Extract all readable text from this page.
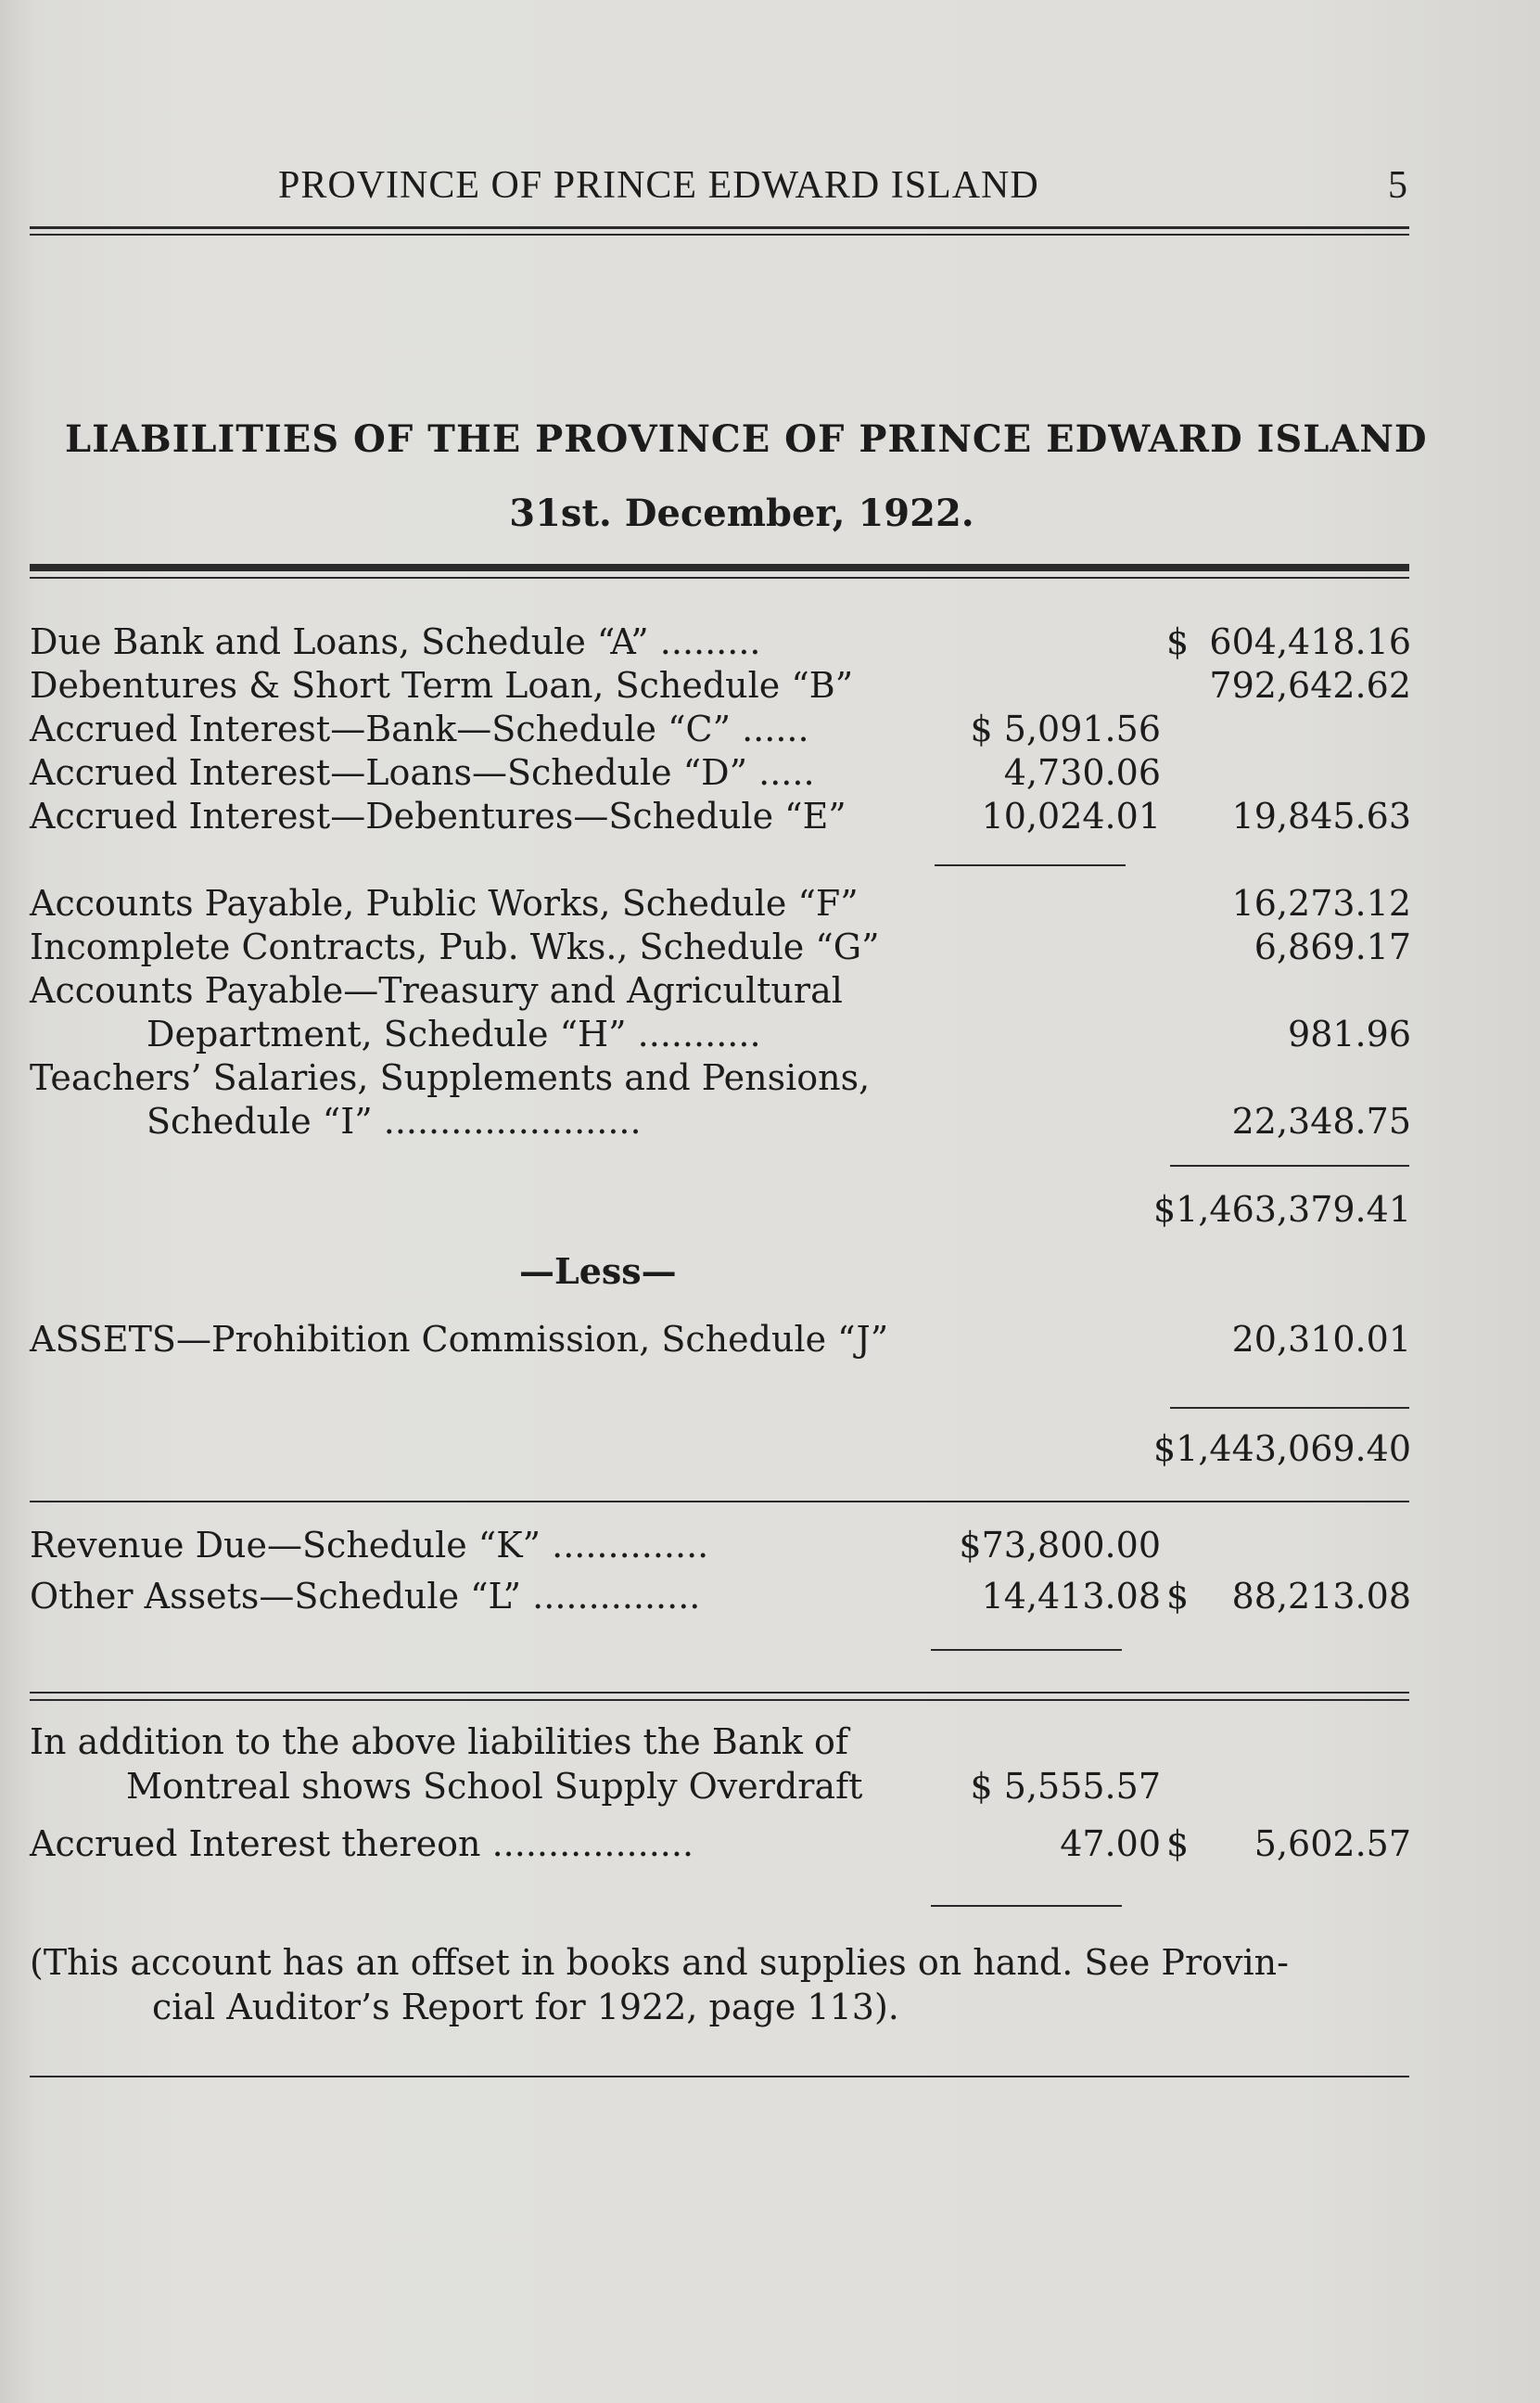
PROVINCE OF PRINCE EDWARD ISLAND	5
LIABILITIES OF THE PROVINCE OF PRINCE EDWARD ISLAND
31st. December, 1922.
Due Bank and Loans, Schedule “A” .........	$ 604,418.16
Debentures & Short Term Loan, Schedule “B”	792,642.62
Accrued Interest—Bank—Schedule “C” ......	$ 5,091.56
Accrued Interest—Loans—Schedule “D” .....	4,730.06
Accrued Interest—Debentures—Schedule “E”	10,024.01 19,845.63
Accounts Payable, Public Works, Schedule “F”	16,273.12
Incomplete Contracts, Pub. Wks., Schedule “G”	6,869.17
Accounts Payable—Treasury and Agricultural
Department, Schedule “H” ...........	981.96
Teachers’ Salaries, Supplements and Pensions,
Schedule “I” .......................	22,348.75
$1,463,379.41
—Less—
ASSETS—Prohibition Commission, Schedule “J”	20,310.01
$1,443,069.40
Revenue Due—Schedule “K” ..............	$73,800.00
Other Assets—Schedule “L” ...............	14,413.08 $ 88,213.08
In addition to the above liabilities the Bank of
Montreal shows School Supply Overdraft	$ 5,555.57
Accrued Interest thereon ..................	47.00 $ 5,602.57
(This account has an offset in books and supplies on hand. See Provin-
cial Auditor’s Report for 1922, page 113).
